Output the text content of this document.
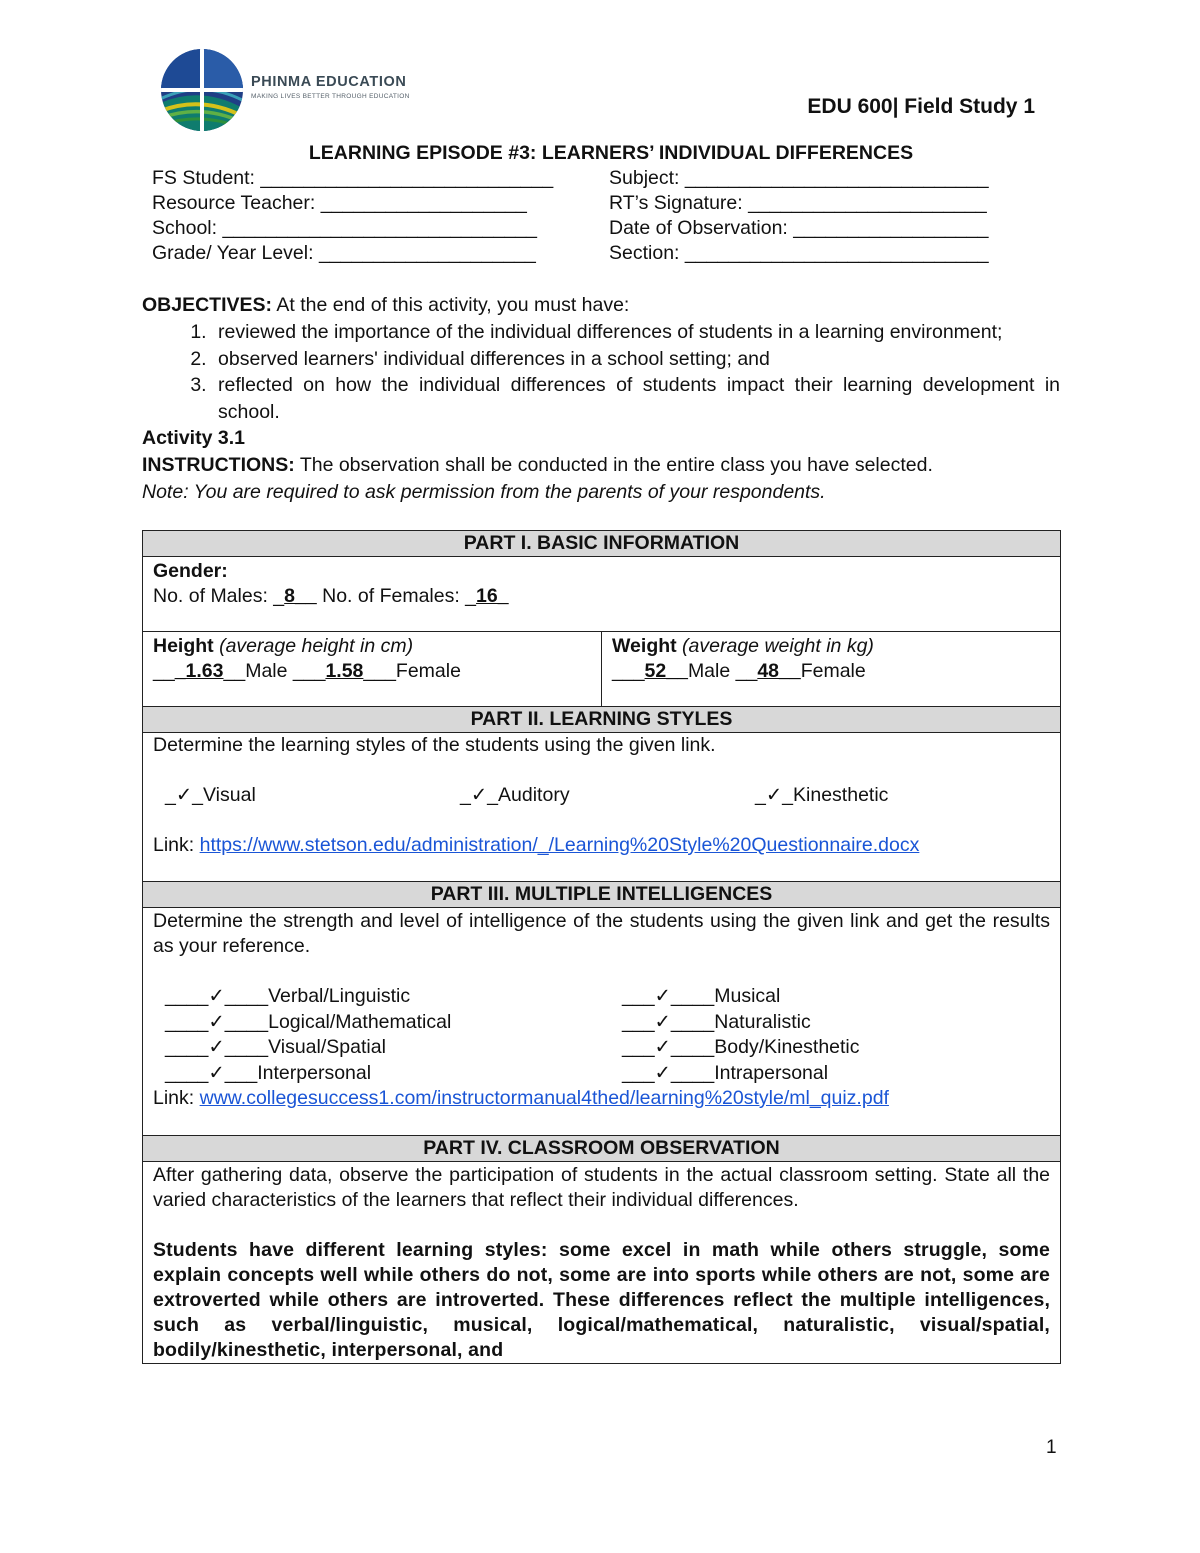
PHINMA EDUCATION
MAKING LIVES BETTER THROUGH EDUCATION	EDU 600| Field Study 1
LEARNING EPISODE #3: LEARNERS’ INDIVIDUAL DIFFERENCES
FS Student: ___________________________	Subject: ____________________________
Resource Teacher: ___________________	RT’s Signature: ______________________
School: _____________________________	Date of Observation: __________________
Grade/ Year Level: ____________________	Section: ____________________________
OBJECTIVES: At the end of this activity, you must have:
1. reviewed the importance of the individual differences of students in a learning environment;
2. observed learners' individual differences in a school setting; and
3. reflected on how the individual differences of students impact their learning development in school.
Activity 3.1
INSTRUCTIONS: The observation shall be conducted in the entire class you have selected.
Note: You are required to ask permission from the parents of your respondents.
PART I. BASIC INFORMATION

Gender:
No. of Males: _8__ No. of Females: _16_

Height (average height in cm)
___1.63__Male ___1.58___Female

Weight (average weight in kg)
___52__Male __48__Female

PART II. LEARNING STYLES

Determine the learning styles of the students using the given link.

_✓_Visual	_✓_Auditory	_✓_Kinesthetic

Link: https://www.stetson.edu/administration/_/Learning%20Style%20Questionnaire.docx

PART III. MULTIPLE INTELLIGENCES

Determine the strength and level of intelligence of the students using the given link and get the results as your reference.

____✓____Verbal/Linguistic	___✓____Musical
____✓____Logical/Mathematical	___✓____Naturalistic
____✓____Visual/Spatial	___✓____Body/Kinesthetic
____✓___Interpersonal	___✓____Intrapersonal
Link: www.collegesuccess1.com/instructormanual4thed/learning%20style/ml_quiz.pdf

PART IV. CLASSROOM OBSERVATION

After gathering data, observe the participation of students in the actual classroom setting. State all the varied characteristics of the learners that reflect their individual differences.

Students have different learning styles: some excel in math while others struggle, some explain concepts well while others do not, some are into sports while others are not, some are extroverted while others are introverted. These differences reflect the multiple intelligences, such as verbal/linguistic, musical, logical/mathematical, naturalistic, visual/spatial, bodily/kinesthetic, interpersonal, and
1
